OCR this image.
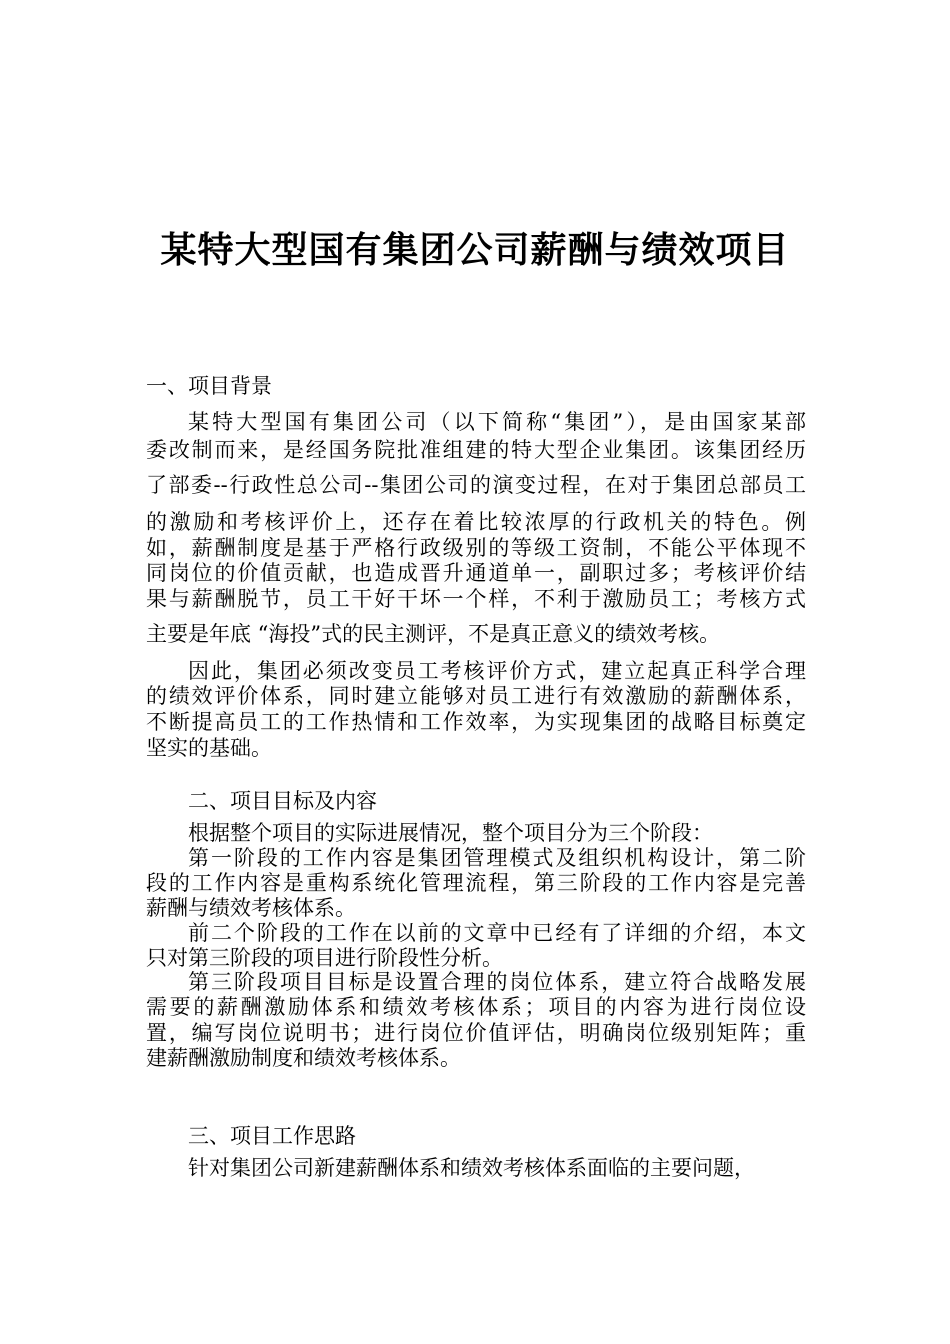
某特大型国有集团公司薪酬与绩效项目
一、项目背景
某特大型国有集团公司（以下简称“集团”），是由国家某部
委改制而来，是经国务院批准组建的特大型企业集团。该集团经历
了部委--行政性总公司--集团公司的演变过程，在对于集团总部员工
的激励和考核评价上，还存在着比较浓厚的行政机关的特色。例
如，薪酬制度是基于严格行政级别的等级工资制，不能公平体现不
同岗位的价值贡献，也造成晋升通道单一，副职过多；考核评价结
果与薪酬脱节，员工干好干坏一个样，不利于激励员工；考核方式
主要是年底 “海投”式的民主测评，不是真正意义的绩效考核。
因此，集团必须改变员工考核评价方式，建立起真正科学合理
的绩效评价体系，同时建立能够对员工进行有效激励的薪酬体系，
不断提高员工的工作热情和工作效率，为实现集团的战略目标奠定
坚实的基础。
二、项目目标及内容
根据整个项目的实际进展情况，整个项目分为三个阶段：
第一阶段的工作内容是集团管理模式及组织机构设计，第二阶
段的工作内容是重构系统化管理流程，第三阶段的工作内容是完善
薪酬与绩效考核体系。
前二个阶段的工作在以前的文章中已经有了详细的介绍，本文
只对第三阶段的项目进行阶段性分析。
第三阶段项目目标是设置合理的岗位体系，建立符合战略发展
需要的薪酬激励体系和绩效考核体系；项目的内容为进行岗位设
置，编写岗位说明书；进行岗位价值评估，明确岗位级别矩阵；重
建薪酬激励制度和绩效考核体系。
三、项目工作思路
针对集团公司新建薪酬体系和绩效考核体系面临的主要问题，
